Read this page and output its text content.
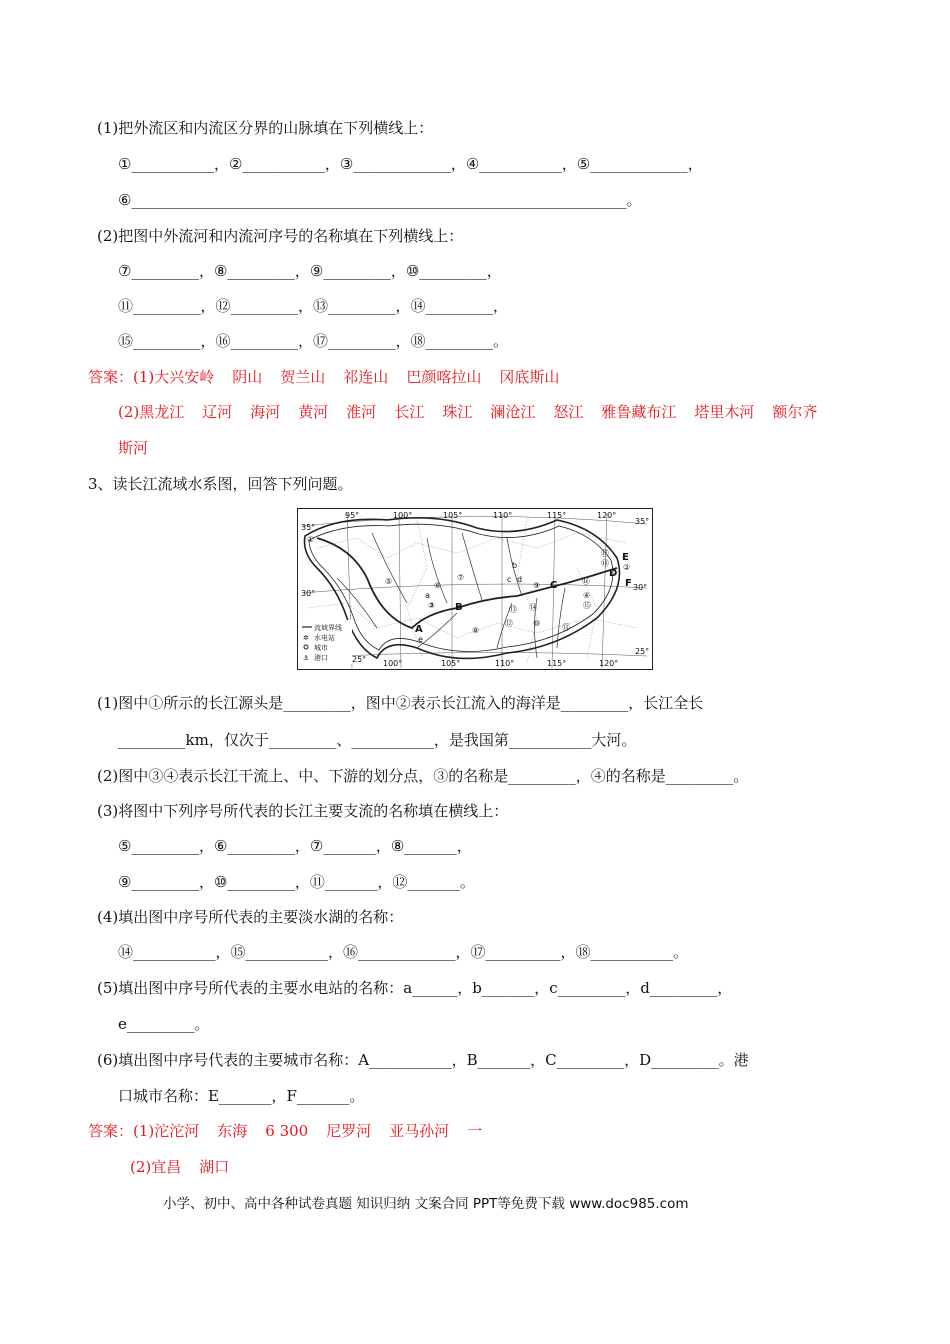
(1)把外流区和内流区分界的山脉填在下列横线上：
①___________，②___________，③_____________，④___________，⑤_____________，
⑥__________________________________________________________________。
(2)把图中外流河和内流河序号的名称填在下列横线上：
⑦_________，⑧_________，⑨_________，⑩_________，
⑪_________，⑫_________，⑬_________，⑭_________，
⑮_________，⑯_________，⑰_________，⑱_________。
答案：(1)大兴安岭 阴山 贺兰山 祁连山 巴颜喀拉山 冈底斯山
(2)黑龙江 辽河 海河 黄河 淮河 长江 珠江 澜沧江 怒江 雅鲁藏布江 塔里木河 额尔齐
斯河
3、读长江流域水系图，回答下列问题。
95°	100°	105°	110°	115°	120°
35°
35°
30°
30°
25°
25°
100°	105°	110°	115°	120°
①
②
⑤	⑥
⑦
⑧
⑨
⑩	⑪
⑫
⑬ ⑭	⑮
⑯
⑰
⑱
④
③
A
B
C
D
E
F
a
b
c d
e
流域界线
✲ 水电站
城市
⚓ 港口
(1)图中①所示的长江源头是_________，图中②表示长江流入的海洋是_________，长江全长
_________km，仅次于_________、___________，是我国第___________大河。
(2)图中③④表示长江干流上、中、下游的划分点，③的名称是_________，④的名称是_________。
(3)将图中下列序号所代表的长江主要支流的名称填在横线上：
⑤_________，⑥_________，⑦_______，⑧_______，
⑨_________，⑩_________，⑪_______，⑫_______。
(4)填出图中序号所代表的主要淡水湖的名称：
⑭___________，⑮___________，⑯_____________，⑰__________，⑱___________。
(5)填出图中序号所代表的主要水电站的名称：a______，b_______，c_________，d_________，
e_________。
(6)填出图中序号代表的主要城市名称：A___________，B_______，C_________，D_________。港
口城市名称：E_______，F_______。
答案：(1)沱沱河 东海 6 300 尼罗河 亚马孙河 一
(2)宜昌 湖口
小学、初中、高中各种试卷真题 知识归纳 文案合同 PPT等免费下载 www.doc985.com
